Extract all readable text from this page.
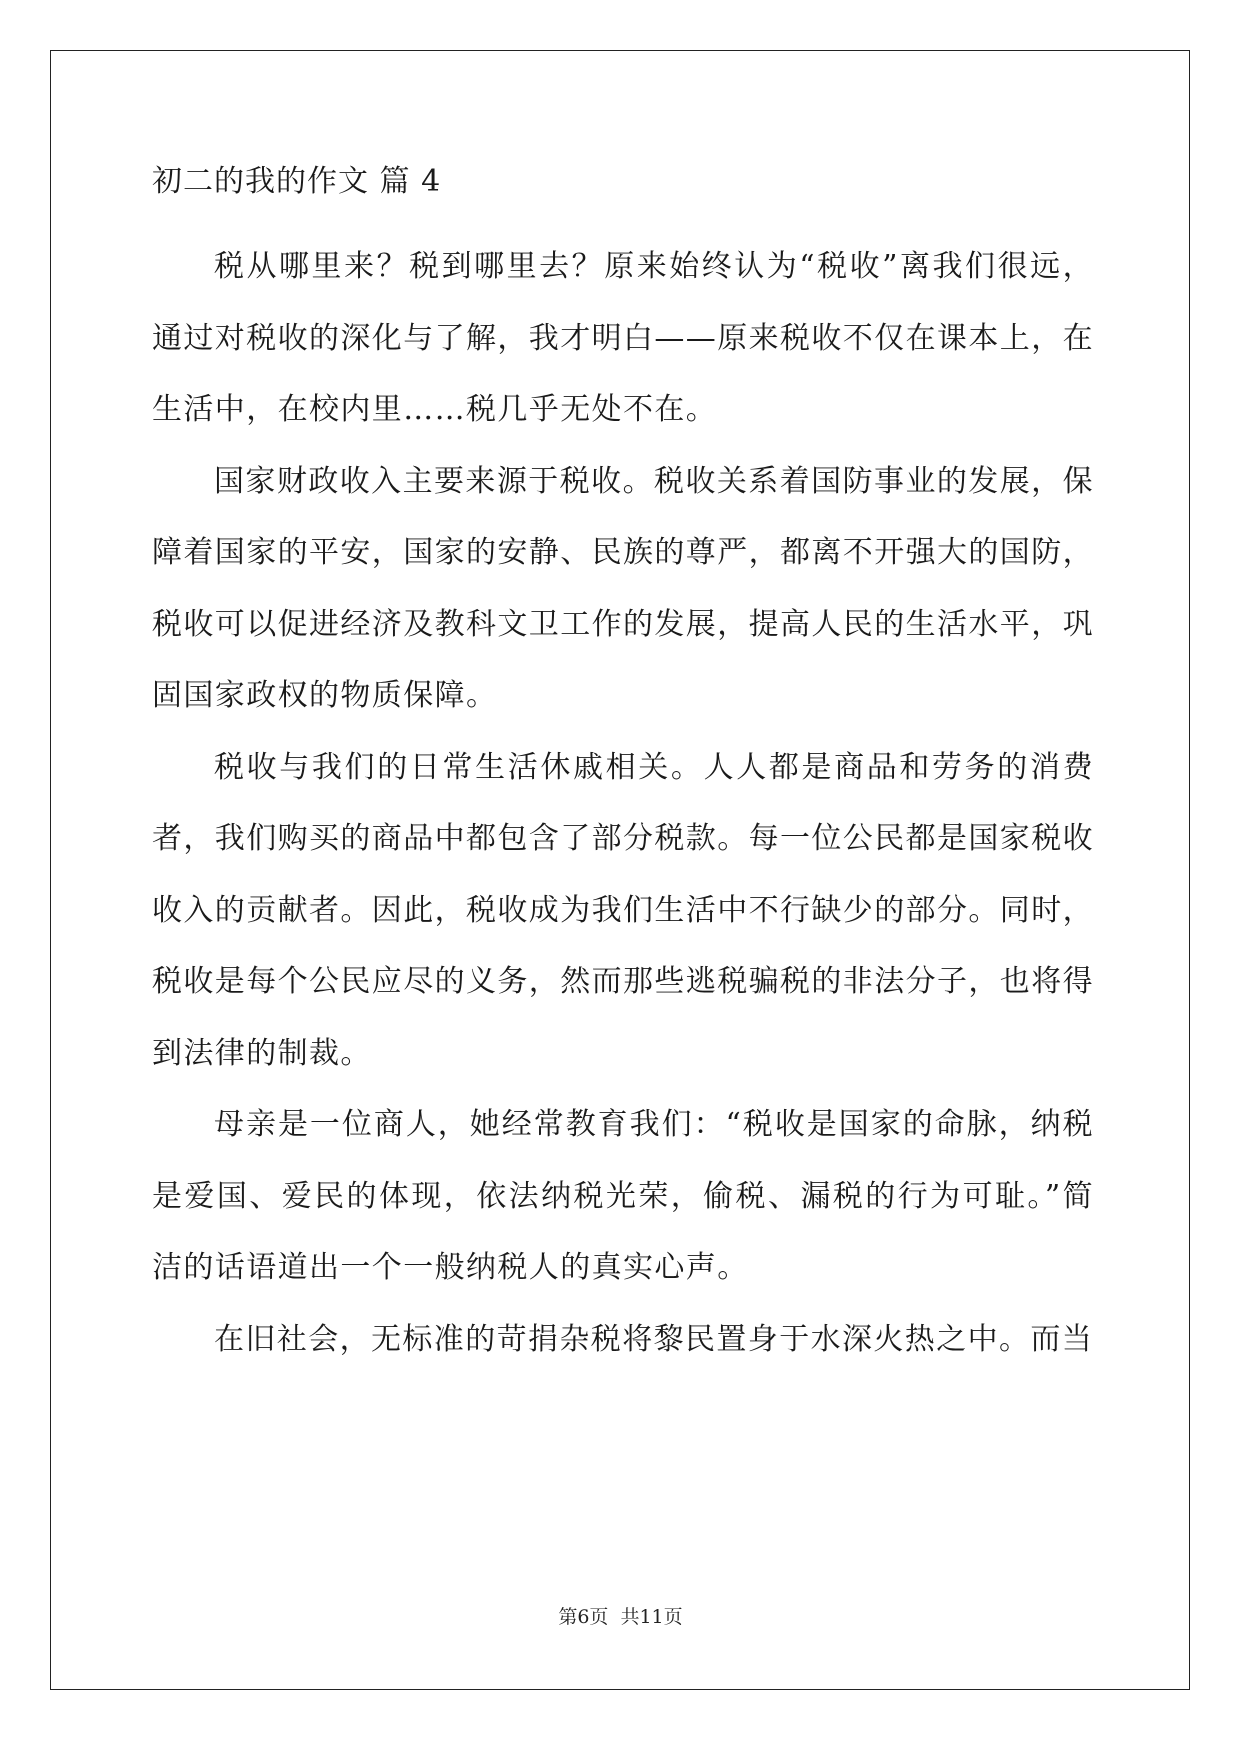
初二的我的作文 篇 4

税从哪里来？税到哪里去？原来始终认为“税收”离我们很远，通过对税收的深化与了解，我才明白——原来税收不仅在课本上，在生活中，在校内里……税几乎无处不在。

国家财政收入主要来源于税收。税收关系着国防事业的发展，保障着国家的平安，国家的安静、民族的尊严，都离不开强大的国防，税收可以促进经济及教科文卫工作的发展，提高人民的生活水平，巩固国家政权的物质保障。

税收与我们的日常生活休戚相关。人人都是商品和劳务的消费者，我们购买的商品中都包含了部分税款。每一位公民都是国家税收收入的贡献者。因此，税收成为我们生活中不行缺少的部分。同时，税收是每个公民应尽的义务，然而那些逃税骗税的非法分子，也将得到法律的制裁。

母亲是一位商人，她经常教育我们：“税收是国家的命脉，纳税是爱国、爱民的体现，依法纳税光荣，偷税、漏税的行为可耻。”简洁的话语道出一个一般纳税人的真实心声。

在旧社会，无标准的苛捐杂税将黎民置身于水深火热之中。而当

第6页 共11页
